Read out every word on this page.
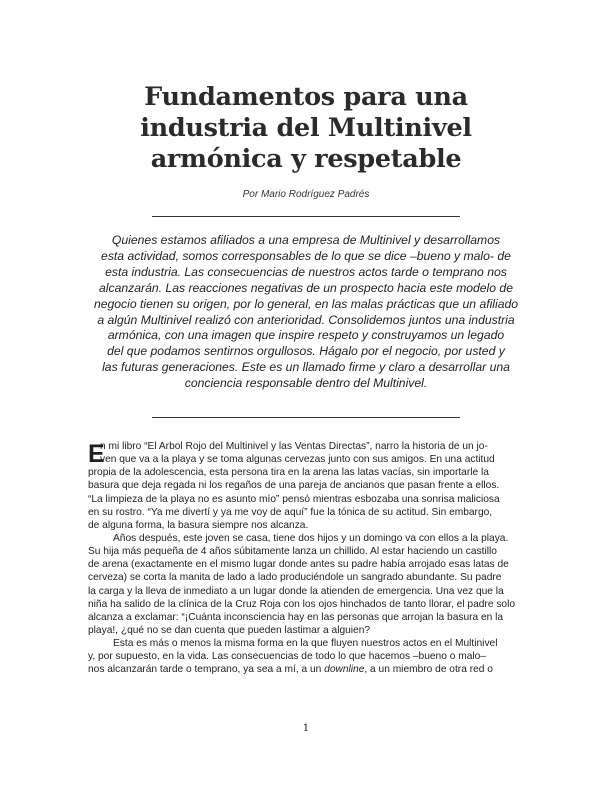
Fundamentos para una
industria del Multinivel
armónica y respetable
Por Mario Rodríguez Padrés

Quienes estamos afiliados a una empresa de Multinivel y desarrollamos
esta actividad, somos corresponsables de lo que se dice –bueno y malo- de
esta industria. Las consecuencias de nuestros actos tarde o temprano nos
alcanzarán. Las reacciones negativas de un prospecto hacia este modelo de
negocio tienen su origen, por lo general, en las malas prácticas que un afiliado
a algún Multinivel realizó con anterioridad. Consolidemos juntos una industria
armónica, con una imagen que inspire respeto y construyamos un legado
del que podamos sentirnos orgullosos. Hágalo por el negocio, por usted y
las futuras generaciones. Este es un llamado firme y claro a desarrollar una
conciencia responsable dentro del Multinivel.

E
n mi libro “El Arbol Rojo del Multinivel y las Ventas Directas”, narro la historia de un jo-
ven que va a la playa y se toma algunas cervezas junto con sus amigos. En una actitud
propia de la adolescencia, esta persona tira en la arena las latas vacías, sin importarle la
basura que deja regada ni los regaños de una pareja de ancianos que pasan frente a ellos.
“La limpieza de la playa no es asunto mío” pensó mientras esbozaba una sonrisa maliciosa
en su rostro. “Ya me divertí y ya me voy de aquí” fue la tónica de su actitud. Sin embargo,
de alguna forma, la basura siempre nos alcanza.
Años después, este joven se casa, tiene dos hijos y un domingo va con ellos a la playa.
Su hija más pequeña de 4 años súbitamente lanza un chillido. Al estar haciendo un castillo
de arena (exactamente en el mismo lugar donde antes su padre había arrojado esas latas de
cerveza) se corta la manita de lado a lado produciéndole un sangrado abundante. Su padre
la carga y la lleva de inmediato a un lugar donde la atienden de emergencia. Una vez que la
niña ha salido de la clínica de la Cruz Roja con los ojos hinchados de tanto llorar, el padre solo
alcanza a exclamar: “¡Cuánta inconsciencia hay en las personas que arrojan la basura en la
playa!, ¿qué no se dan cuenta que pueden lastimar a alguien?
Esta es más o menos la misma forma en la que fluyen nuestros actos en el Multinivel
y, por supuesto, en la vida. Las consecuencias de todo lo que hacemos –bueno o malo–
nos alcanzarán tarde o temprano, ya sea a mí, a un downline, a un miembro de otra red o
1
